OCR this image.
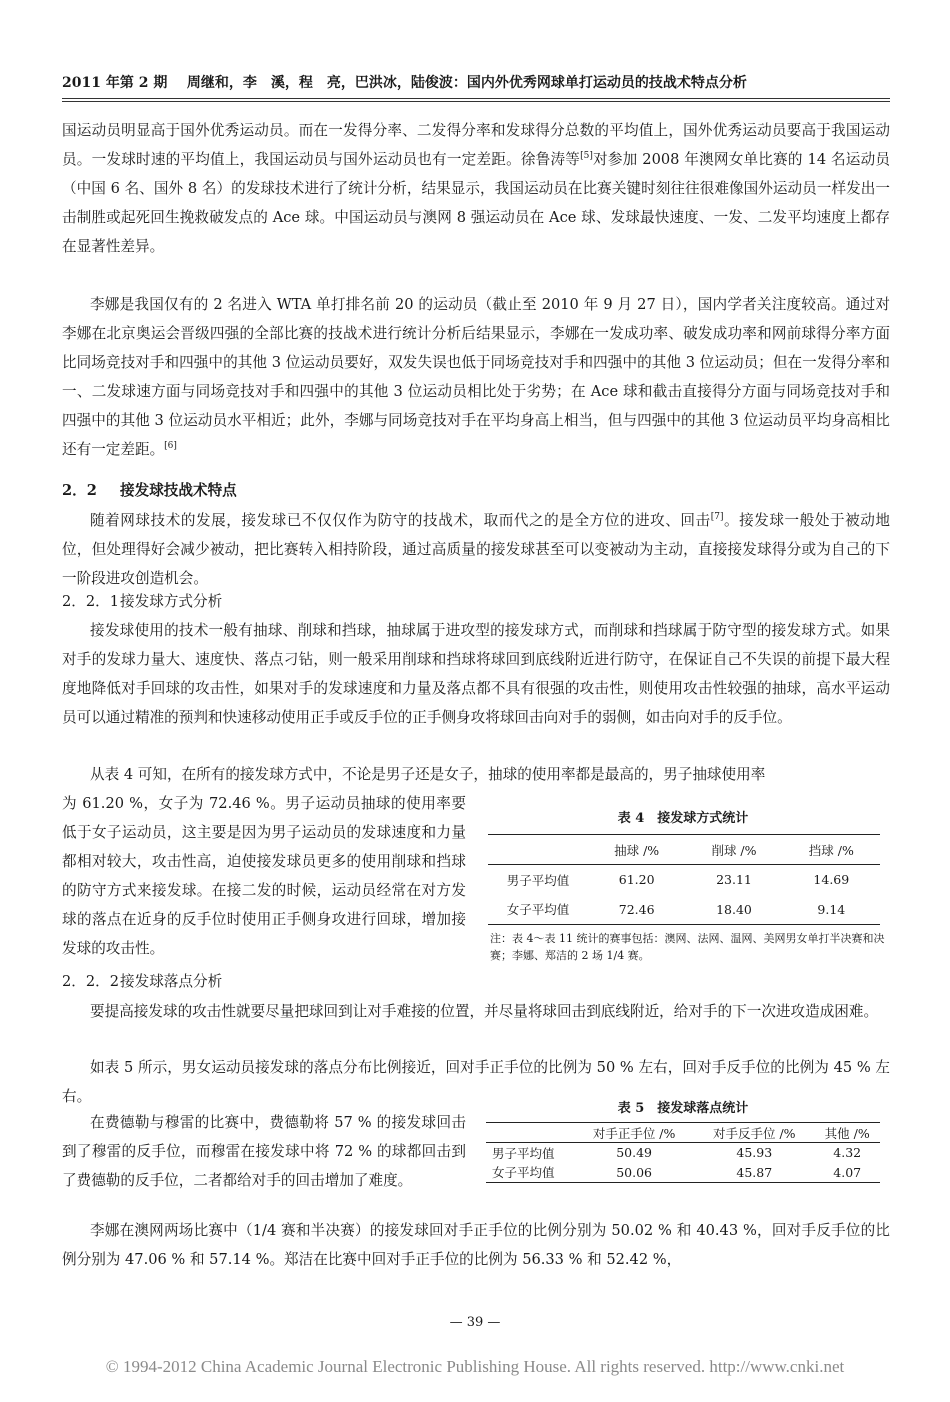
2011 年第 2 期 周继和，李　溪，程　亮，巴洪冰，陆俊波：国内外优秀网球单打运动员的技战术特点分析
国运动员明显高于国外优秀运动员。而在一发得分率、二发得分率和发球得分总数的平均值上，国外优秀运动员要高于我国运动员。一发球时速的平均值上，我国运动员与国外运动员也有一定差距。徐鲁涛等[5]对参加 2008 年澳网女单比赛的 14 名运动员（中国 6 名、国外 8 名）的发球技术进行了统计分析，结果显示，我国运动员在比赛关键时刻往往很难像国外运动员一样发出一击制胜或起死回生挽救破发点的 Ace 球。中国运动员与澳网 8 强运动员在 Ace 球、发球最快速度、一发、二发平均速度上都存在显著性差异。
李娜是我国仅有的 2 名进入 WTA 单打排名前 20 的运动员（截止至 2010 年 9 月 27 日），国内学者关注度较高。通过对李娜在北京奥运会晋级四强的全部比赛的技战术进行统计分析后结果显示，李娜在一发成功率、破发成功率和网前球得分率方面比同场竞技对手和四强中的其他 3 位运动员要好，双发失误也低于同场竞技对手和四强中的其他 3 位运动员；但在一发得分率和一、二发球速方面与同场竞技对手和四强中的其他 3 位运动员相比处于劣势；在 Ace 球和截击直接得分方面与同场竞技对手和四强中的其他 3 位运动员水平相近；此外，李娜与同场竞技对手在平均身高上相当，但与四强中的其他 3 位运动员平均身高相比还有一定差距。[6]
2．2 接发球技战术特点
随着网球技术的发展，接发球已不仅仅作为防守的技战术，取而代之的是全方位的进攻、回击[7]。接发球一般处于被动地位，但处理得好会减少被动，把比赛转入相持阶段，通过高质量的接发球甚至可以变被动为主动，直接接发球得分或为自己的下一阶段进攻创造机会。
2．2．1接发球方式分析
接发球使用的技术一般有抽球、削球和挡球，抽球属于进攻型的接发球方式，而削球和挡球属于防守型的接发球方式。如果对手的发球力量大、速度快、落点刁钻，则一般采用削球和挡球将球回到底线附近进行防守，在保证自己不失误的前提下最大程度地降低对手回球的攻击性，如果对手的发球速度和力量及落点都不具有很强的攻击性，则使用攻击性较强的抽球，高水平运动员可以通过精准的预判和快速移动使用正手或反手位的正手侧身攻将球回击向对手的弱侧，如击向对手的反手位。
从表 4 可知，在所有的接发球方式中，不论是男子还是女子，抽球的使用率都是最高的，男子抽球使用率
为 61.20 %，女子为 72.46 %。男子运动员抽球的使用率要低于女子运动员，这主要是因为男子运动员的发球速度和力量都相对较大，攻击性高，迫使接发球员更多的使用削球和挡球的防守方式来接发球。在接二发的时候，运动员经常在对方发球的落点在近身的反手位时使用正手侧身攻进行回球，增加接发球的攻击性。
表 4　接发球方式统计
	抽球 /%	削球 /%	挡球 /%
男子平均值	61.20	23.11	14.69
女子平均值	72.46	18.40	9.14
注：表 4～表 11 统计的赛事包括：澳网、法网、温网、美网男女单打半决赛和决赛；李娜、郑洁的 2 场 1/4 赛。
2．2．2接发球落点分析
要提高接发球的攻击性就要尽量把球回到让对手难接的位置，并尽量将球回击到底线附近，给对手的下一次进攻造成困难。
如表 5 所示，男女运动员接发球的落点分布比例接近，回对手正手位的比例为 50 % 左右，回对手反手位的比例为 45 % 左右。
在费德勒与穆雷的比赛中，费德勒将 57 % 的接发球回击到了穆雷的反手位，而穆雷在接发球中将 72 % 的球都回击到了费德勒的反手位，二者都给对手的回击增加了难度。
表 5　接发球落点统计
	对手正手位 /%	对手反手位 /%	其他 /%
男子平均值	50.49	45.93	4.32
女子平均值	50.06	45.87	4.07
李娜在澳网两场比赛中（1/4 赛和半决赛）的接发球回对手正手位的比例分别为 50.02 % 和 40.43 %，回对手反手位的比例分别为 47.06 % 和 57.14 %。郑洁在比赛中回对手正手位的比例为 56.33 % 和 52.42 %，
— 39 —
© 1994-2012 China Academic Journal Electronic Publishing House. All rights reserved. http://www.cnki.net
